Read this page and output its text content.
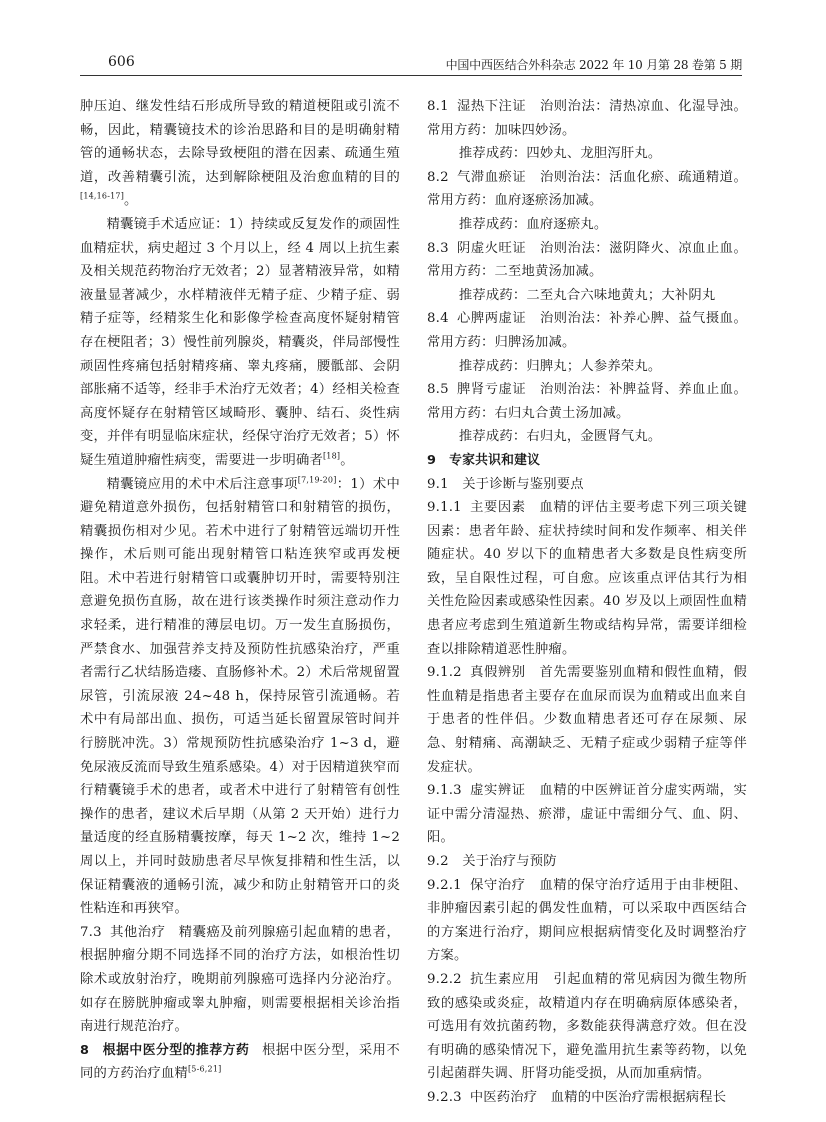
606	中国中西医结合外科杂志 2022 年 10 月第 28 卷第 5 期

肿压迫、继发性结石形成所导致的精道梗阻或引流不畅，因此，精囊镜技术的诊治思路和目的是明确射精管的通畅状态，去除导致梗阻的潜在因素、疏通生殖道，改善精囊引流，达到解除梗阻及治愈血精的目的[14,16-17]。

精囊镜手术适应证：1）持续或反复发作的顽固性血精症状，病史超过 3 个月以上，经 4 周以上抗生素及相关规范药物治疗无效者；2）显著精液异常，如精液量显著减少，水样精液伴无精子症、少精子症、弱精子症等，经精浆生化和影像学检查高度怀疑射精管存在梗阻者；3）慢性前列腺炎，精囊炎，伴局部慢性顽固性疼痛包括射精疼痛、睾丸疼痛，腰骶部、会阴部胀痛不适等，经非手术治疗无效者；4）经相关检查高度怀疑存在射精管区域畸形、囊肿、结石、炎性病变，并伴有明显临床症状，经保守治疗无效者；5）怀疑生殖道肿瘤性病变，需要进一步明确者[18]。

精囊镜应用的术中术后注意事项[7,19-20]：1）术中避免精道意外损伤，包括射精管口和射精管的损伤，精囊损伤相对少见。若术中进行了射精管远端切开性操作，术后则可能出现射精管口粘连狭窄或再发梗阻。术中若进行射精管口或囊肿切开时，需要特别注意避免损伤直肠，故在进行该类操作时须注意动作力求轻柔，进行精准的薄层电切。万一发生直肠损伤，严禁食水、加强营养支持及预防性抗感染治疗，严重者需行乙状结肠造瘘、直肠修补术。2）术后常规留置尿管，引流尿液 24~48 h，保持尿管引流通畅。若术中有局部出血、损伤，可适当延长留置尿管时间并行膀胱冲洗。3）常规预防性抗感染治疗 1~3 d，避免尿液反流而导致生殖系感染。4）对于因精道狭窄而行精囊镜手术的患者，或者术中进行了射精管有创性操作的患者，建议术后早期（从第 2 天开始）进行力量适度的经直肠精囊按摩，每天 1~2 次，维持 1~2 周以上，并同时鼓励患者尽早恢复排精和性生活，以保证精囊液的通畅引流，减少和防止射精管开口的炎性粘连和再狭窄。

7.3 其他治疗 精囊癌及前列腺癌引起血精的患者，根据肿瘤分期不同选择不同的治疗方法，如根治性切除术或放射治疗，晚期前列腺癌可选择内分泌治疗。如存在膀胱肿瘤或睾丸肿瘤，则需要根据相关诊治指南进行规范治疗。

8　根据中医分型的推荐方药 根据中医分型，采用不同的方药治疗血精[5-6,21]

8.1 湿热下注证　治则治法：清热凉血、化湿导浊。常用方药：加味四妙汤。

推荐成药：四妙丸、龙胆泻肝丸。

8.2 气滞血瘀证　治则治法：活血化瘀、疏通精道。常用方药：血府逐瘀汤加减。

推荐成药：血府逐瘀丸。

8.3 阴虚火旺证　治则治法：滋阴降火、凉血止血。常用方药：二至地黄汤加减。

推荐成药：二至丸合六味地黄丸；大补阴丸

8.4 心脾两虚证　治则治法：补养心脾、益气摄血。常用方药：归脾汤加减。

推荐成药：归脾丸；人参养荣丸。

8.5 脾肾亏虚证　治则治法：补脾益肾、养血止血。常用方药：右归丸合黄土汤加减。

推荐成药：右归丸，金匮肾气丸。

9　专家共识和建议

9.1　关于诊断与鉴别要点

9.1.1 主要因素　血精的评估主要考虑下列三项关键因素：患者年龄、症状持续时间和发作频率、相关伴随症状。40 岁以下的血精患者大多数是良性病变所致，呈自限性过程，可自愈。应该重点评估其行为相关性危险因素或感染性因素。40 岁及以上顽固性血精患者应考虑到生殖道新生物或结构异常，需要详细检查以排除精道恶性肿瘤。

9.1.2 真假辨别　首先需要鉴别血精和假性血精，假性血精是指患者主要存在血尿而误为血精或出血来自于患者的性伴侣。少数血精患者还可存在尿频、尿急、射精痛、高潮缺乏、无精子症或少弱精子症等伴发症状。

9.1.3 虚实辨证　血精的中医辨证首分虚实两端，实证中需分清湿热、瘀滞，虚证中需细分气、血、阴、阳。

9.2　关于治疗与预防

9.2.1 保守治疗　血精的保守治疗适用于由非梗阻、非肿瘤因素引起的偶发性血精，可以采取中西医结合的方案进行治疗，期间应根据病情变化及时调整治疗方案。

9.2.2 抗生素应用　引起血精的常见病因为微生物所致的感染或炎症，故精道内存在明确病原体感染者，可选用有效抗菌药物，多数能获得满意疗效。但在没有明确的感染情况下，避免滥用抗生素等药物，以免引起菌群失调、肝肾功能受损，从而加重病情。

9.2.3 中医药治疗　血精的中医治疗需根据病程长
